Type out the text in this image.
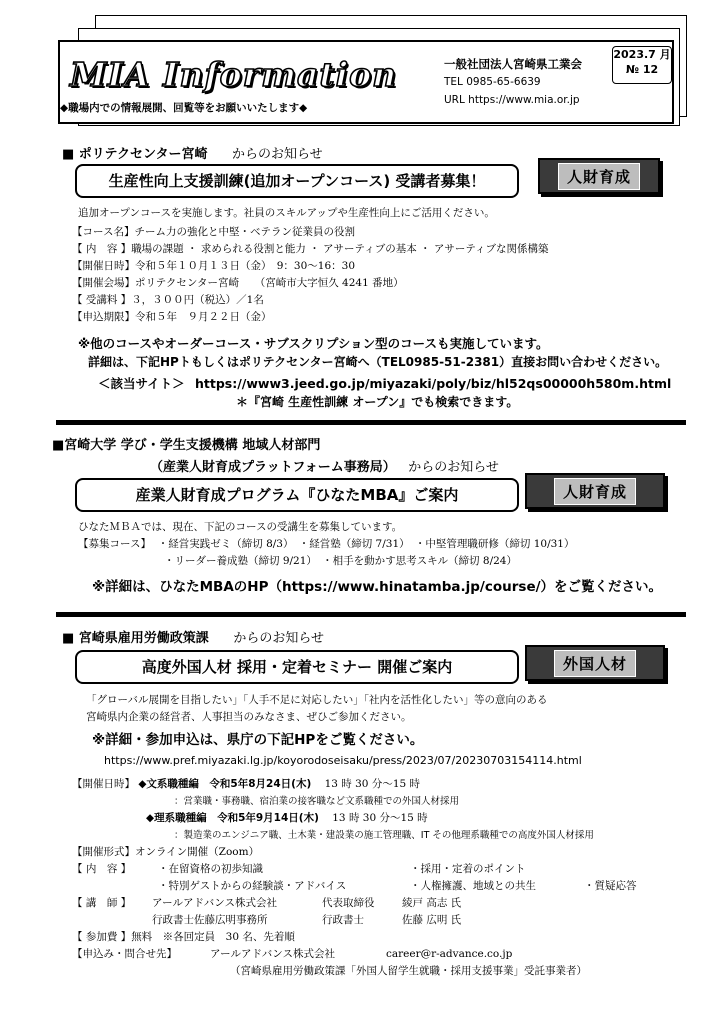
MIA Information
◆職場内での情報展開、回覧等をお願いいたします◆
一般社団法人宮崎県工業会
TEL 0985-65-6639
URL https://www.mia.or.jp
2023.7 月
№ 12
■ ポリテクセンター宮崎 からのお知らせ
生産性向上支援訓練(追加オープンコース) 受講者募集！	人財育成
追加オープンコースを実施します。社員のスキルアップや生産性向上にご活用ください。
【コース名】チーム力の強化と中堅・ベテラン従業員の役割
【 内　容 】職場の課題 ・ 求められる役割と能力 ・ アサーティブの基本 ・ アサーティブな関係構築
【開催日時】令和５年１０月１３日（金）　9：30～16：30
【開催会場】ポリテクセンター宮崎　　（宮崎市大字恒久 4241 番地）
【 受講料 】３，３００円（税込）／1名
【申込期限】令和５年　９月２２日（金）
※他のコースやオーダーコース・サブスクリプション型のコースも実施しています。
詳細は、下記HPトもしくはポリテクセンター宮崎へ（TEL0985-51-2381）直接お問い合わせください。
＜該当サイト＞ https://www3.jeed.go.jp/miyazaki/poly/biz/hl52qs00000h580m.html
＊『宮崎 生産性訓練 オープン』でも検索できます。
■宮崎大学 学び・学生支援機構 地域人材部門
（産業人財育成プラットフォーム事務局） からのお知らせ
産業人財育成プログラム『ひなたMBA』ご案内	人財育成
ひなたＭＢＡでは、現在、下記のコースの受講生を募集しています。
【募集コース】 ・経営実践ゼミ（締切 8/3）　・経営塾（締切 7/31）　・中堅管理職研修（締切 10/31）
・リーダー養成塾（締切 9/21）　・相手を動かす思考スキル（締切 8/24）
※詳細は、ひなたMBAのHP（https://www.hinatamba.jp/course/）をご覧ください。
■ 宮崎県雇用労働政策課 からのお知らせ
高度外国人材 採用・定着セミナー 開催ご案内	外国人材
「グローバル展開を目指したい」「人手不足に対応したい」「社内を活性化したい」等の意向のある
宮崎県内企業の経営者、人事担当のみなさま、ぜひご参加ください。
※詳細・参加申込は、県庁の下記HPをご覧ください。
https://www.pref.miyazaki.lg.jp/koyorodoseisaku/press/2023/07/20230703154114.html
【開催日時】 ◆文系職種編　令和5年8月24日(木) 13 時 30 分～15 時
：営業職・事務職、宿泊業の接客職など文系職種での外国人材採用
◆理系職種編　令和5年9月14日(木) 13 時 30 分～15 時
：製造業のエンジニア職、土木業・建設業の施工管理職、IT その他理系職種での高度外国人材採用
【開催形式】オンライン開催（Zoom）
【 内　容 】	・在留資格の初歩知識	・採用・定着のポイント
・特別ゲストからの経験談・アドバイス	・人権擁護、地域との共生	・質疑応答
【 講　師 】 アールアドバンス株式会社	代表取締役	綾戸 高志 氏
行政書士佐藤広明事務所	行政書士	佐藤 広明 氏
【 参加費 】無料　※各回定員　30 名、先着順
【申込み・問合せ先】	アールアドバンス株式会社	career@r-advance.co.jp
（宮崎県雇用労働政策課「外国人留学生就職・採用支援事業」受託事業者）
